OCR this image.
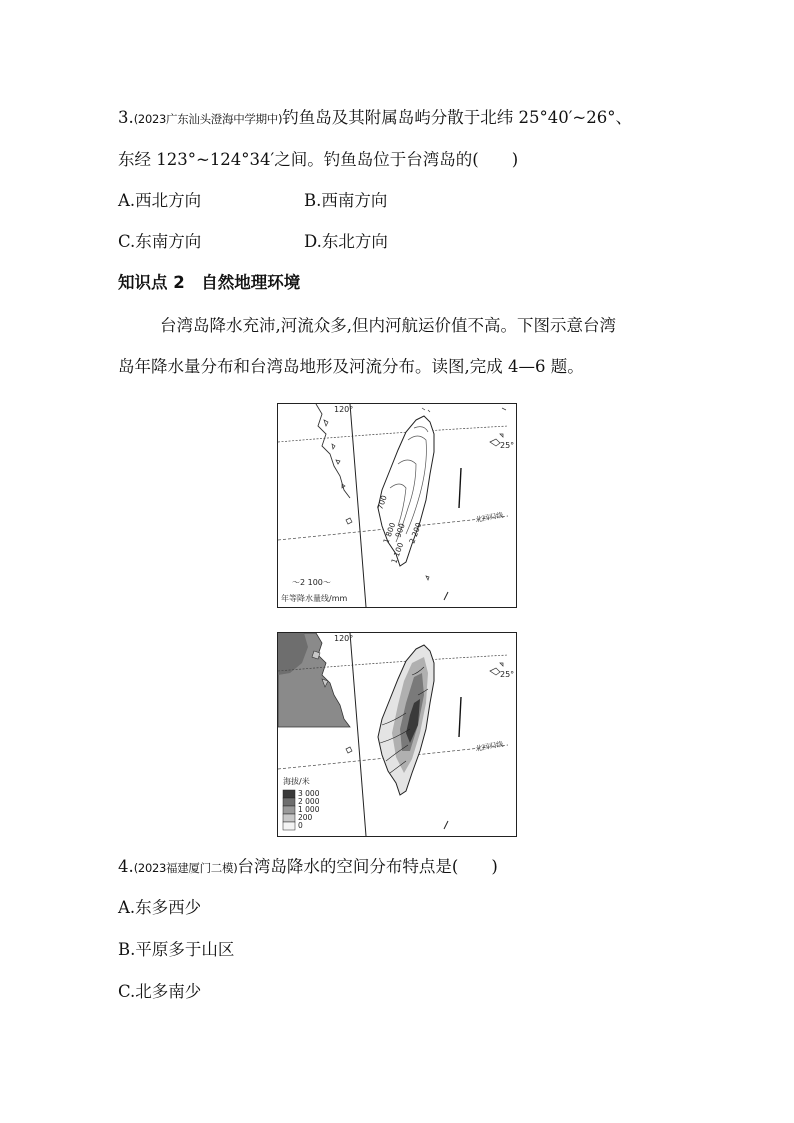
3.(2023广东汕头澄海中学期中)钓鱼岛及其附属岛屿分散于北纬 25°40′~26°、
东经 123°~124°34′之间。钓鱼岛位于台湾岛的(　　)
A.西北方向	B.西南方向
C.东南方向	D.东北方向
知识点 2　自然地理环境
台湾岛降水充沛,河流众多,但内河航运价值不高。下图示意台湾
岛年降水量分布和台湾岛地形及河流分布。读图,完成 4—6 题。
120°
25°
北回归线
700
1 800
900
1 100
2 200
～2 100～
年等降水量线/mm
120°
25°
北回归线
海拔/米
3 000
2 000
1 000
200
0
4.(2023福建厦门二模)台湾岛降水的空间分布特点是(　　)
A.东多西少
B.平原多于山区
C.北多南少
